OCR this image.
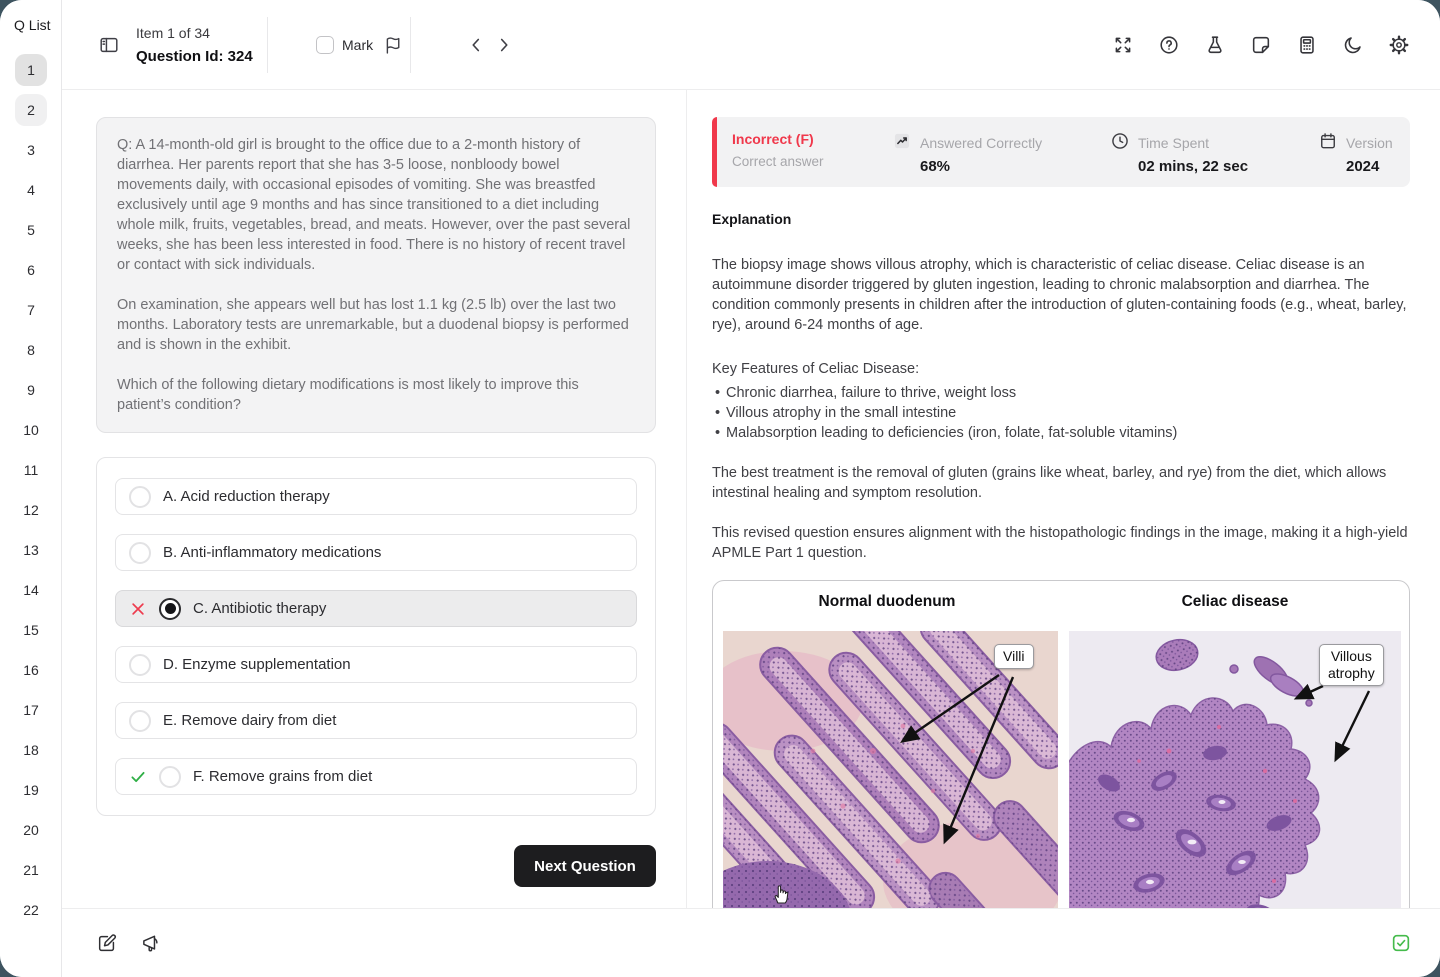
Q List
1
2
3
4
5
6
7
8
9
10
11
12
13
14
15
16
17
18
19
20
21
22
Item 1 of 34
Question Id: 324
Mark

Q: A 14-month-old girl is brought to the office due to a 2-month history of diarrhea. Her parents report that she has 3-5 loose, nonbloody bowel movements daily, with occasional episodes of vomiting. She was breastfed exclusively until age 9 months and has since transitioned to a diet including whole milk, fruits, vegetables, bread, and meats. However, over the past several weeks, she has been less interested in food. There is no history of recent travel or contact with sick individuals.

On examination, she appears well but has lost 1.1 kg (2.5 lb) over the last two months. Laboratory tests are unremarkable, but a duodenal biopsy is performed and is shown in the exhibit.

Which of the following dietary modifications is most likely to improve this patient’s condition?

A. Acid reduction therapy
B. Anti-inflammatory medications
C. Antibiotic therapy
D. Enzyme supplementation
E. Remove dairy from diet
F. Remove grains from diet
Next Question
Incorrect (F)
Correct answer
Answered Correctly
68%
Time Spent
02 mins, 22 sec
Version
2024
Explanation

The biopsy image shows villous atrophy, which is characteristic of celiac disease. Celiac disease is an autoimmune disorder triggered by gluten ingestion, leading to chronic malabsorption and diarrhea. The condition commonly presents in children after the introduction of gluten-containing foods (e.g., wheat, barley, rye), around 6-24 months of age.

Key Features of Celiac Disease:

• Chronic diarrhea, failure to thrive, weight loss
• Villous atrophy in the small intestine
• Malabsorption leading to deficiencies (iron, folate, fat-soluble vitamins)

The best treatment is the removal of gluten (grains like wheat, barley, and rye) from the diet, which allows intestinal healing and symptom resolution.

This revised question ensures alignment with the histopathologic findings in the image, making it a high-yield APMLE Part 1 question.

Normal duodenum	Celiac disease
Villi	Villous
atrophy
